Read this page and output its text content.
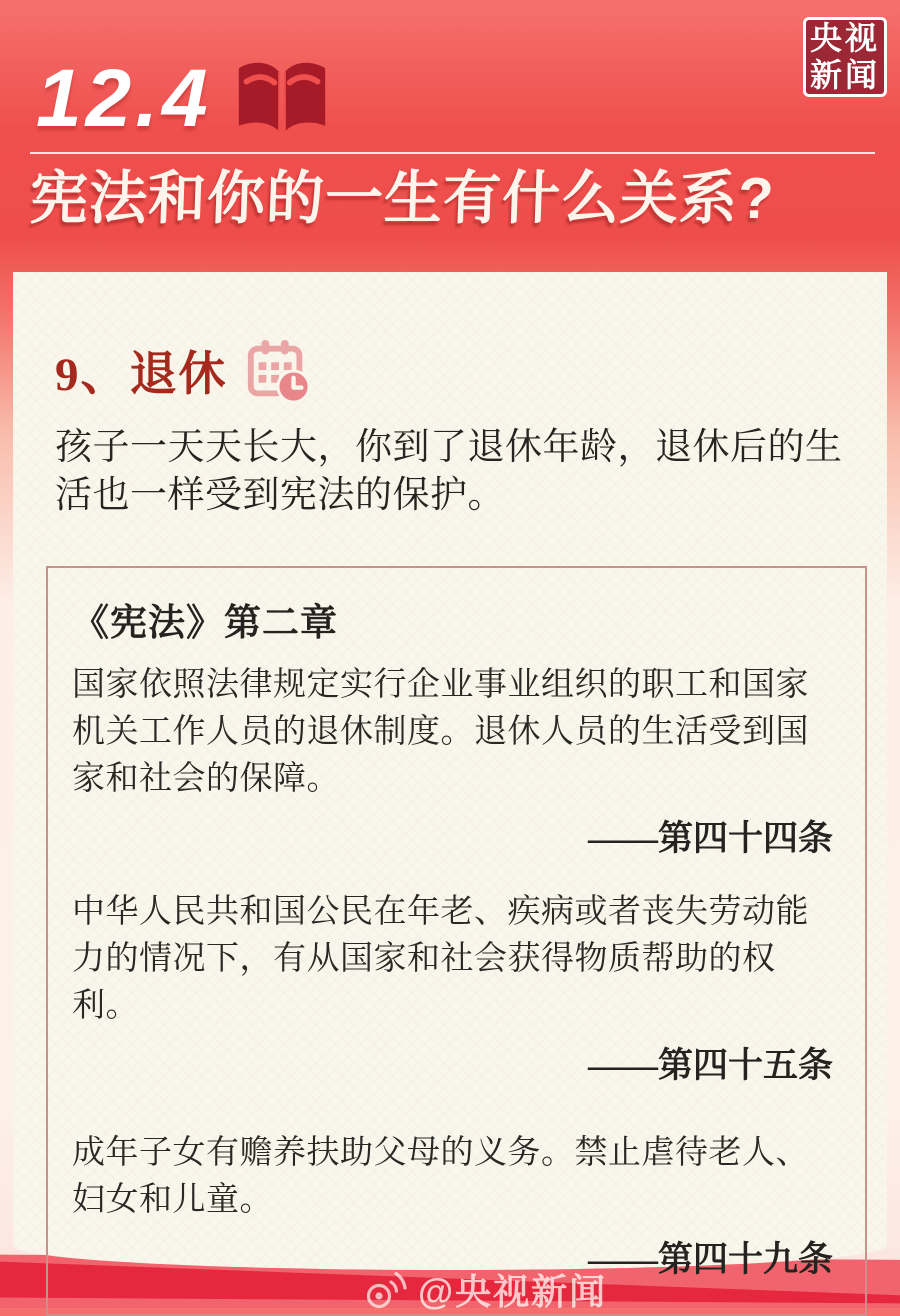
12.4
宪法和你的一生有什么关系?
央视
新闻
9、退休

孩子一天天长大，你到了退休年龄，退休后的生活也一样受到宪法的保护。

《宪法》第二章

国家依照法律规定实行企业事业组织的职工和国家机关工作人员的退休制度。退休人员的生活受到国家和社会的保障。

——第四十四条

中华人民共和国公民在年老、疾病或者丧失劳动能力的情况下，有从国家和社会获得物质帮助的权利。

——第四十五条

成年子女有赡养扶助父母的义务。禁止虐待老人、妇女和儿童。

——第四十九条
@央视新闻
